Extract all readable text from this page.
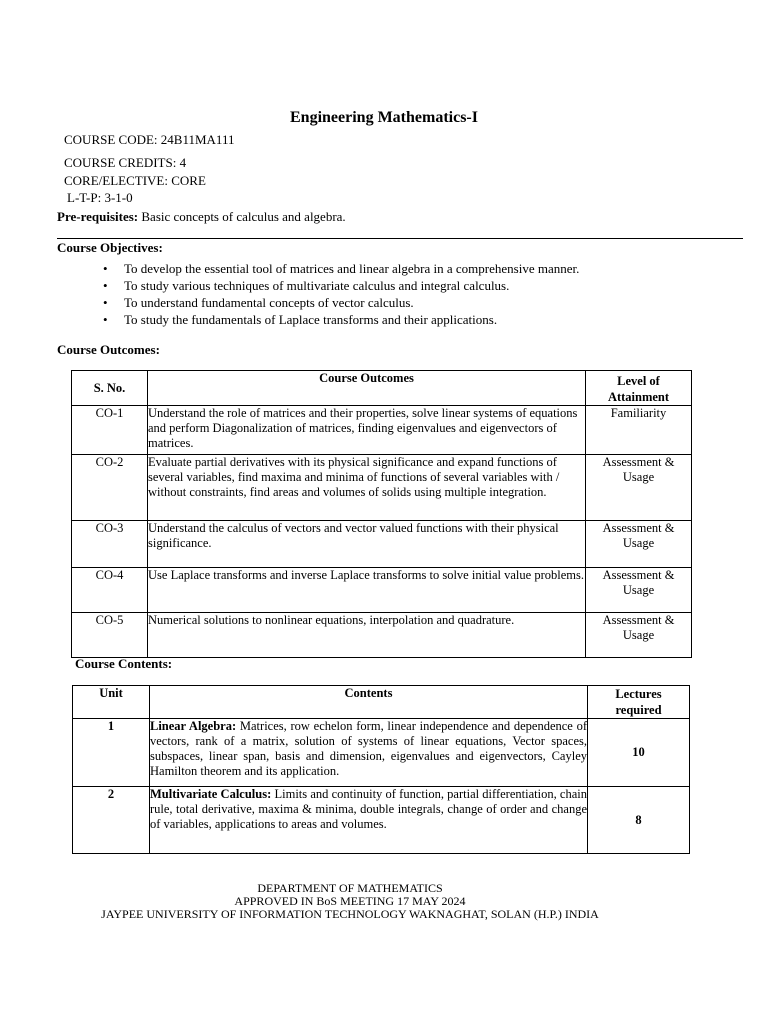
Engineering Mathematics-I
COURSE CODE: 24B11MA111
COURSE CREDITS: 4
CORE/ELECTIVE: CORE
L-T-P: 3-1-0
Pre-requisites: Basic concepts of calculus and algebra.
Course Objectives:
• To develop the essential tool of matrices and linear algebra in a comprehensive manner.
• To study various techniques of multivariate calculus and integral calculus.
• To understand fundamental concepts of vector calculus.
• To study the fundamentals of Laplace transforms and their applications.
Course Outcomes:
S. No.	Course Outcomes	Level of Attainment
CO-1	Understand the role of matrices and their properties, solve linear systems of equations and perform Diagonalization of matrices, finding eigenvalues and eigenvectors of matrices.	Familiarity
CO-2	Evaluate partial derivatives with its physical significance and expand functions of several variables, find maxima and minima of functions of several variables with / without constraints, find areas and volumes of solids using multiple integration.	Assessment & Usage
CO-3	Understand the calculus of vectors and vector valued functions with their physical significance.	Assessment & Usage
CO-4	Use Laplace transforms and inverse Laplace transforms to solve initial value problems.	Assessment & Usage
CO-5	Numerical solutions to nonlinear equations, interpolation and quadrature.	Assessment & Usage
Course Contents:
Unit	Contents	Lectures required
1	Linear Algebra: Matrices, row echelon form, linear independence and dependence of vectors, rank of a matrix, solution of systems of linear equations, Vector spaces, subspaces, linear span, basis and dimension, eigenvalues and eigenvectors, Cayley Hamilton theorem and its application.	10
2	Multivariate Calculus: Limits and continuity of function, partial differentiation, chain rule, total derivative, maxima & minima, double integrals, change of order and change of variables, applications to areas and volumes.	8
DEPARTMENT OF MATHEMATICS
APPROVED IN BoS MEETING 17 MAY 2024
JAYPEE UNIVERSITY OF INFORMATION TECHNOLOGY WAKNAGHAT, SOLAN (H.P.) INDIA
